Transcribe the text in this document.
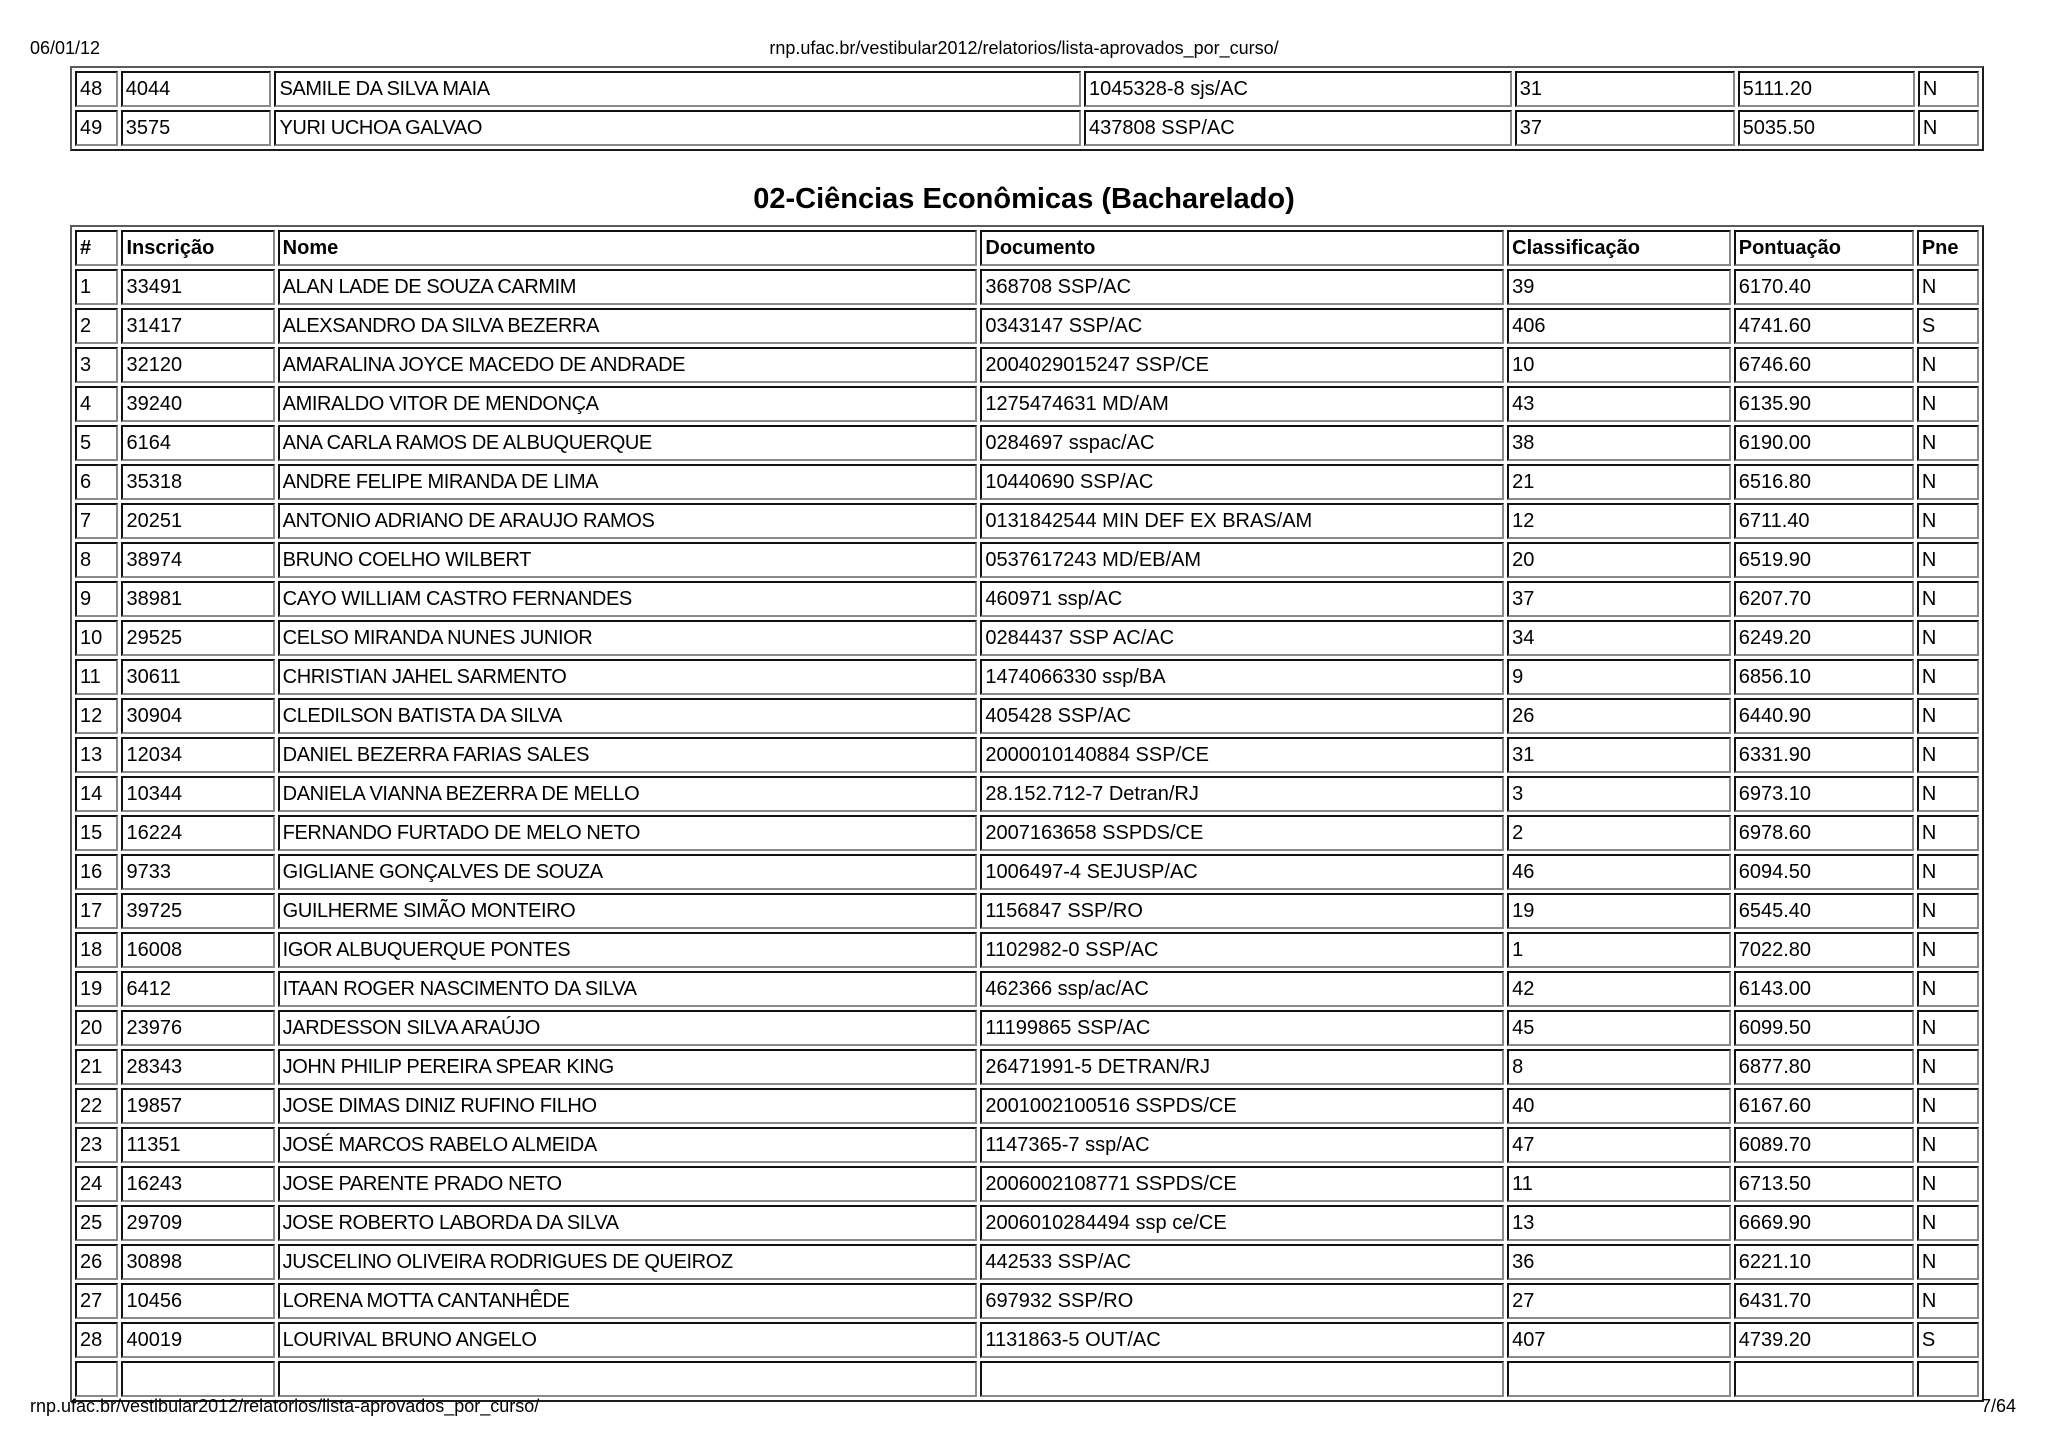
06/01/12	rnp.ufac.br/vestibular2012/relatorios/lista-aprovados_por_curso/
48	4044	SAMILE DA SILVA MAIA	1045328-8 sjs/AC	31	5111.20	N
49	3575	YURI UCHOA GALVAO	437808 SSP/AC	37	5035.50	N
02-Ciências Econômicas (Bacharelado)
#	Inscrição	Nome	Documento	Classificação	Pontuação	Pne
1	33491	ALAN LADE DE SOUZA CARMIM	368708 SSP/AC	39	6170.40	N
2	31417	ALEXSANDRO DA SILVA BEZERRA	0343147 SSP/AC	406	4741.60	S
3	32120	AMARALINA JOYCE MACEDO DE ANDRADE	2004029015247 SSP/CE	10	6746.60	N
4	39240	AMIRALDO VITOR DE MENDONÇA	1275474631 MD/AM	43	6135.90	N
5	6164	ANA CARLA RAMOS DE ALBUQUERQUE	0284697 sspac/AC	38	6190.00	N
6	35318	ANDRE FELIPE MIRANDA DE LIMA	10440690 SSP/AC	21	6516.80	N
7	20251	ANTONIO ADRIANO DE ARAUJO RAMOS	0131842544 MIN DEF EX BRAS/AM	12	6711.40	N
8	38974	BRUNO COELHO WILBERT	0537617243 MD/EB/AM	20	6519.90	N
9	38981	CAYO WILLIAM CASTRO FERNANDES	460971 ssp/AC	37	6207.70	N
10	29525	CELSO MIRANDA NUNES JUNIOR	0284437 SSP AC/AC	34	6249.20	N
11	30611	CHRISTIAN JAHEL SARMENTO	1474066330 ssp/BA	9	6856.10	N
12	30904	CLEDILSON BATISTA DA SILVA	405428 SSP/AC	26	6440.90	N
13	12034	DANIEL BEZERRA FARIAS SALES	2000010140884 SSP/CE	31	6331.90	N
14	10344	DANIELA VIANNA BEZERRA DE MELLO	28.152.712-7 Detran/RJ	3	6973.10	N
15	16224	FERNANDO FURTADO DE MELO NETO	2007163658 SSPDS/CE	2	6978.60	N
16	9733	GIGLIANE GONÇALVES DE SOUZA	1006497-4 SEJUSP/AC	46	6094.50	N
17	39725	GUILHERME SIMÃO MONTEIRO	1156847 SSP/RO	19	6545.40	N
18	16008	IGOR ALBUQUERQUE PONTES	1102982-0 SSP/AC	1	7022.80	N
19	6412	ITAAN ROGER NASCIMENTO DA SILVA	462366 ssp/ac/AC	42	6143.00	N
20	23976	JARDESSON SILVA ARAÚJO	11199865 SSP/AC	45	6099.50	N
21	28343	JOHN PHILIP PEREIRA SPEAR KING	26471991-5 DETRAN/RJ	8	6877.80	N
22	19857	JOSE DIMAS DINIZ RUFINO FILHO	2001002100516 SSPDS/CE	40	6167.60	N
23	11351	JOSÉ MARCOS RABELO ALMEIDA	1147365-7 ssp/AC	47	6089.70	N
24	16243	JOSE PARENTE PRADO NETO	2006002108771 SSPDS/CE	11	6713.50	N
25	29709	JOSE ROBERTO LABORDA DA SILVA	2006010284494 ssp ce/CE	13	6669.90	N
26	30898	JUSCELINO OLIVEIRA RODRIGUES DE QUEIROZ	442533 SSP/AC	36	6221.10	N
27	10456	LORENA MOTTA CANTANHÊDE	697932 SSP/RO	27	6431.70	N
28	40019	LOURIVAL BRUNO ANGELO	1131863-5 OUT/AC	407	4739.20	S

rnp.ufac.br/vestibular2012/relatorios/lista-aprovados_por_curso/	7/64
